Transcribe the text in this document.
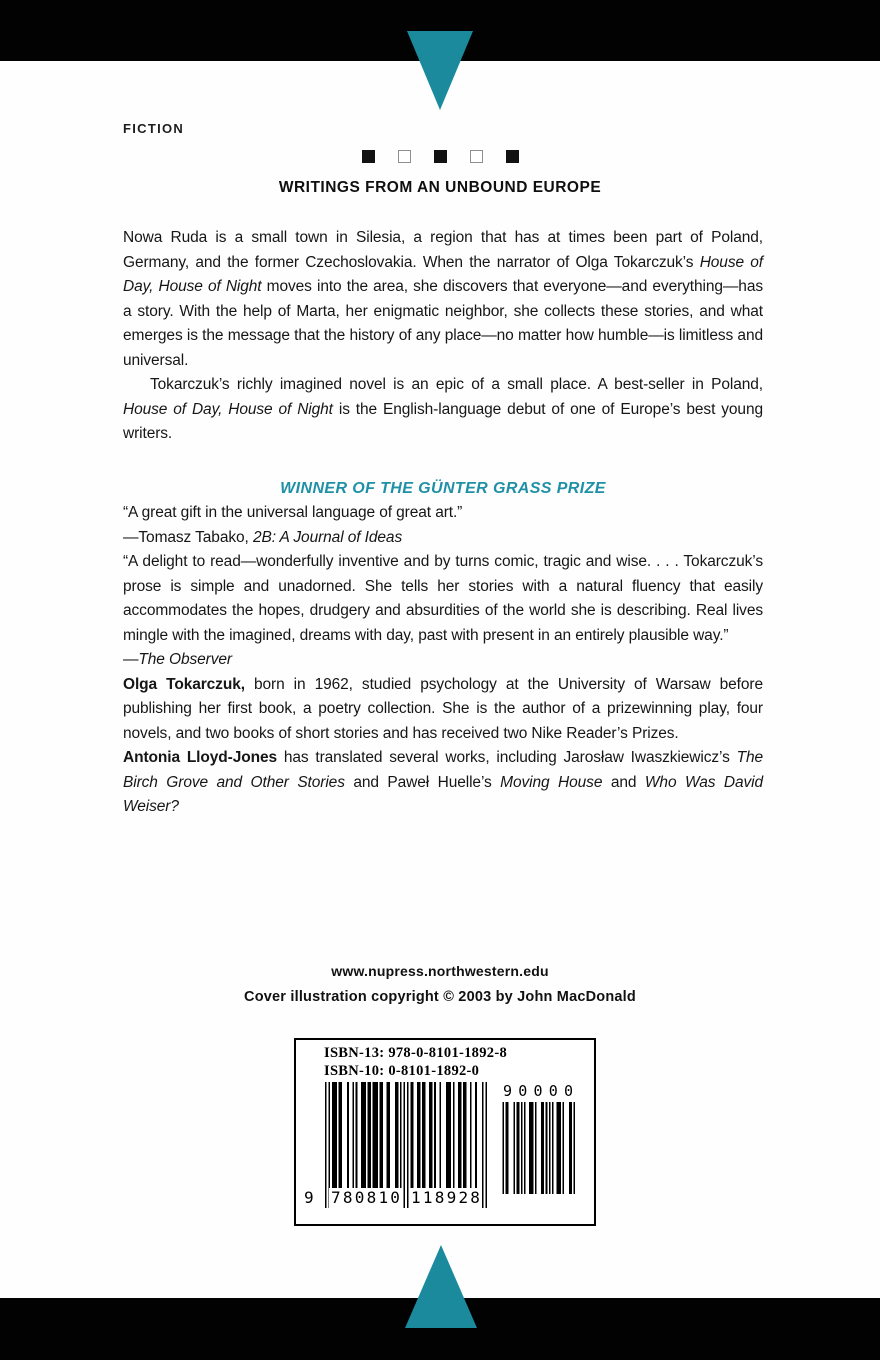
FICTION
WRITINGS FROM AN UNBOUND EUROPE

Nowa Ruda is a small town in Silesia, a region that has at times been part of Poland, Germany, and the former Czechoslovakia. When the narrator of Olga Tokarczuk’s House of Day, House of Night moves into the area, she discovers that everyone—and everything—has a story. With the help of Marta, her enigmatic neighbor, she collects these stories, and what emerges is the message that the history of any place—no matter how humble—is limitless and universal.

Tokarczuk’s richly imagined novel is an epic of a small place. A best-seller in Poland, House of Day, House of Night is the English-language debut of one of Europe’s best young writers.

WINNER OF THE GÜNTER GRASS PRIZE

“A great gift in the universal language of great art.”

—Tomasz Tabako, 2B: A Journal of Ideas

“A delight to read—wonderfully inventive and by turns comic, tragic and wise. . . . Tokarczuk’s prose is simple and unadorned. She tells her stories with a natural fluency that easily accommodates the hopes, drudgery and absurdities of the world she is describing. Real lives mingle with the imagined, dreams with day, past with present in an entirely plausible way.”

—The Observer

Olga Tokarczuk, born in 1962, studied psychology at the University of Warsaw before publishing her first book, a poetry collection. She is the author of a prizewinning play, four novels, and two books of short stories and has received two Nike Reader’s Prizes.

Antonia Lloyd-Jones has translated several works, including Jarosław Iwaszkiewicz’s The Birch Grove and Other Stories and Paweł Huelle’s Moving House and Who Was David Weiser?

www.nupress.northwestern.edu
Cover illustration copyright © 2003 by John MacDonald
ISBN-13: 978-0-8101-1892-8
ISBN-10: 0-8101-1892-0
9 7 8 0 8 1 0 1 1 8 9 2 8
9 0 0 0 0
